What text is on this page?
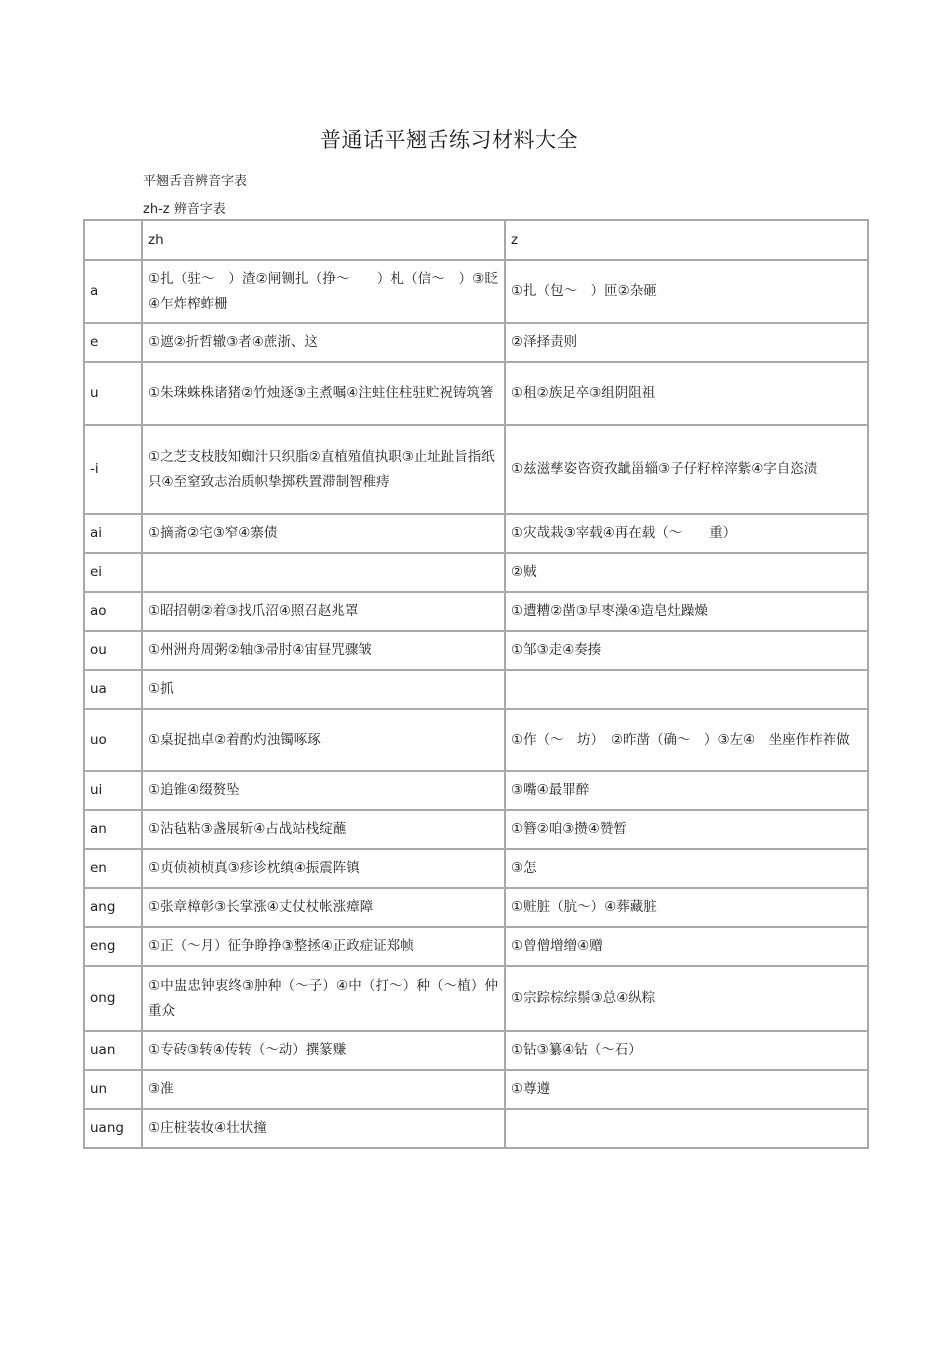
普通话平翘舌练习材料大全
平翘舌音辨音字表
zh-z 辨音字表
	zh	z
a	①扎（驻～　）渣②闸铡扎（挣～　　）札（信～　）③眨④乍炸榨蚱栅	①扎（包～　）匝②杂砸
e	①遮②折哲辙③者④蔗浙、这	②泽择责则
u	①朱珠蛛株诸猪②竹烛逐③主煮嘱④注蛀住柱驻贮祝铸筑箸	①租②族足卒③组阴阻祖
-i	①之芝支枝肢知蜘汁只织脂②直植殖值执职③止址趾旨指纸只④至窒致志治质帜挚掷秩置滞制智稚痔	①兹滋孳姿咨资孜龇甾辎③子仔籽梓滓紫④字自恣渍
ai	①摘斋②宅③窄④寨债	①灾哉栽③宰载④再在载（～　　重）
ei		②贼
ao	①昭招朝②着③找爪沼④照召赵兆罩	①遭糟②凿③早枣澡④造皂灶躁燥
ou	①州洲舟周粥②轴③帚肘④宙昼咒骤皱	①邹③走④奏揍
ua	①抓	
uo	①桌捉拙卓②着酌灼浊镯啄琢	①作（～　坊）　②昨凿（确～　）③左④　坐座作柞祚做
ui	①追锥④缀赘坠	③嘴④最罪醉
an	①沾毡粘③盏展斩④占战站栈绽蘸	①簪②咱③攒④赞暂
en	①贞侦祯桢真③疹诊枕缜④振震阵镇	③怎
ang	①张章樟彰③长掌涨④丈仗杖帐涨瘴障	①赃脏（肮～）④葬藏脏
eng	①正（～月）征争睁挣③整拯④正政症证郑帧	①曾僧增缯④赠
ong	①中盅忠钟衷终③肿种（～子）④中（打～）种（～植）仲重众	①宗踪棕综鬃③总④纵粽
uan	①专砖③转④传转（～动）撰篆赚	①钻③纂④钻（～石）
un	③准	①尊遵
uang	①庄桩装妆④壮状撞	
